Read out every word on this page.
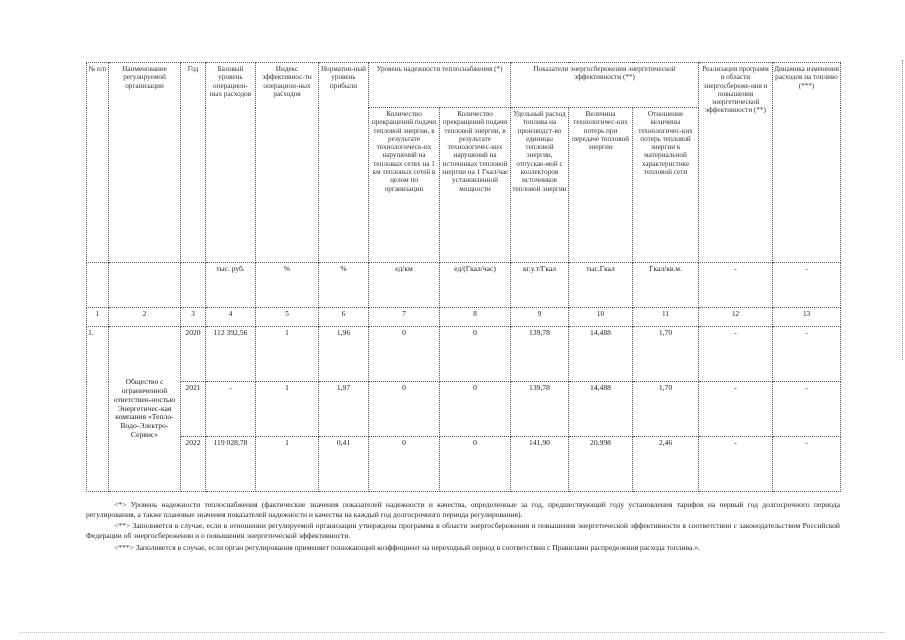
№ п/п	Наименование регулируемой организации	Год	Базовый уровень операцион-ных расходов	Индекс эффективнос-ти операцион-ных расходов	Норматив-ный уровень прибыли	Уровень надежности теплоснабжения (*)		Показатели энергосбережения энергетической эффективности (**)			Реализация программ в области энергосбереже-ния и повышения энергетической эффективности (**)	Динамика изменения расходов на топливо (***)
						Количество прекращений подачи тепловой энергии, в результате технологическ-их нарушений на тепловых сетях на 1 км тепловых сетей в целом по организации	Количество прекращений подачи тепловой энергии, в результате технологичес-ких нарушений на источниках тепловой энергии на 1 Гкал/час установленной мощности	Удельный расход топлива на производст-во единицы тепловой энергии, отпускае-мой с коллекторов источников тепловой энергии	Величина технологичес-ких потерь при передаче тепловой энергии	Отношение величины технологичес-ких потерь тепловой энергии к материальной характеристике тепловой сети		
			тыс. руб.	%	%	ед/км	ед/(Гкал/час)	кг.у.т/Гкал	тыс.Гкал	Гкал/кв.м.	-	-
1	2	3	4	5	6	7	8	9	10	11	12	13
1.	Общество с ограниченной ответствен-ностью Энергетичес-кая компания «Тепло-Водо-Электро-Сервис»	2020	112 392,56	1	1,96	0	0	139,78	14,488	1,70	-	-
		2021	-	1	1,97	0	0	139,78	14,488	1,70	-	-
		2022	119 028,78	1	0,41	0	0	141,90	20,998	2,46	-	-

<*> Уровень надежности теплоснабжения (фактические значения показателей надежности и качества, определенные за год, предшествующий году установления тарифов на первый год долгосрочного периода регулирования, а также плановые значения показателей надежности и качества на каждый год долгосрочного периода регулирования).

<**> Заполняется в случае, если в отношении регулируемой организации утверждена программа в области энергосбережения и повышения энергетической эффективности в соответствии с законодательством Российской Федерации об энергосбережении и о повышении энергетической эффективности.

<***> Заполняется в случае, если орган регулирования применяет понижающий коэффициент на переходный период в соответствии с Правилами распределения расхода топлива.».
